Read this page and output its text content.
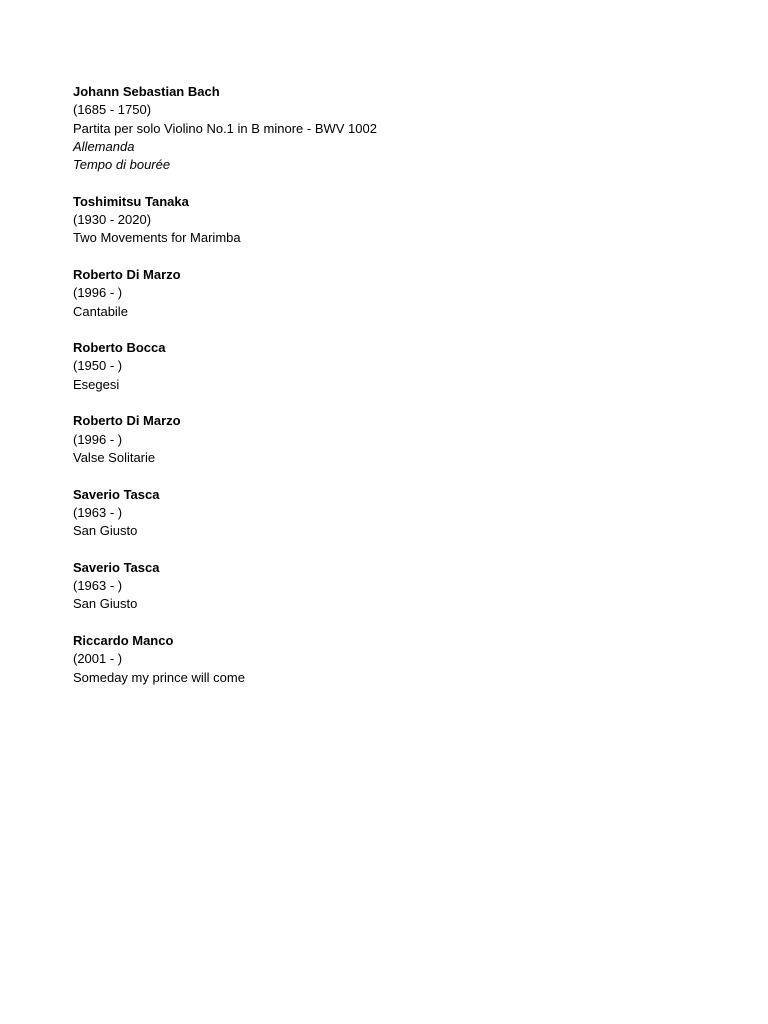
Johann Sebastian Bach
(1685 - 1750)
Partita per solo Violino No.1 in B minore - BWV 1002
Allemanda
Tempo di bourée
Toshimitsu Tanaka
(1930 - 2020)
Two Movements for Marimba
Roberto Di Marzo
(1996 - )
Cantabile
Roberto Bocca
(1950 - )
Esegesi
Roberto Di Marzo
(1996 - )
Valse Solitarie
Saverio Tasca
(1963 - )
San Giusto
Saverio Tasca
(1963 - )
San Giusto
Riccardo Manco
(2001 - )
Someday my prince will come
